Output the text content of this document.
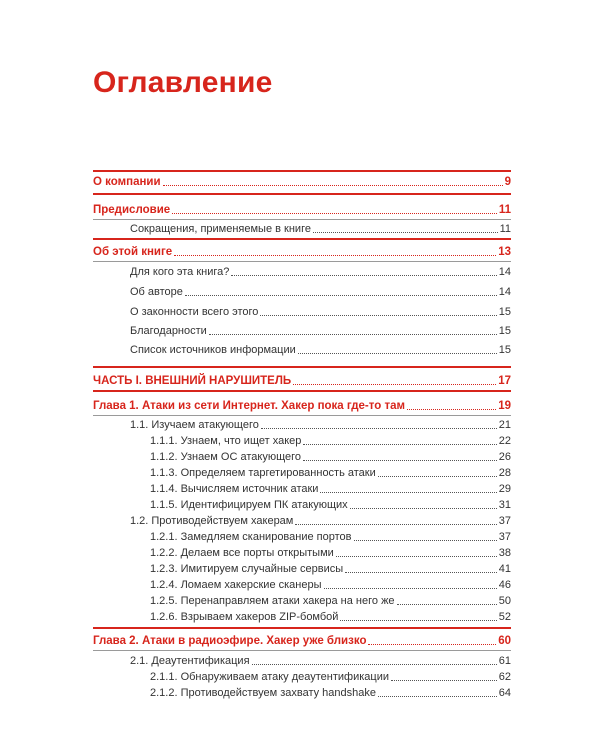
Оглавление
О компании	9
Предисловие	11
Сокращения, применяемые в книге	11
Об этой книге	13
Для кого эта книга?	14
Об авторе	14
О законности всего этого	15
Благодарности	15
Список источников информации	15
ЧАСТЬ I. ВНЕШНИЙ НАРУШИТЕЛЬ	17
Глава 1. Атаки из сети Интернет. Хакер пока где-то там	19
1.1. Изучаем атакующего	21
1.1.1. Узнаем, что ищет хакер	22
1.1.2. Узнаем ОС атакующего	26
1.1.3. Определяем таргетированность атаки	28
1.1.4. Вычисляем источник атаки	29
1.1.5. Идентифицируем ПК атакующих	31
1.2. Противодействуем хакерам	37
1.2.1. Замедляем сканирование портов	37
1.2.2. Делаем все порты открытыми	38
1.2.3. Имитируем случайные сервисы	41
1.2.4. Ломаем хакерские сканеры	46
1.2.5. Перенаправляем атаки хакера на него же	50
1.2.6. Взрываем хакеров ZIP-бомбой	52
Глава 2. Атаки в радиоэфире. Хакер уже близко	60
2.1. Деаутентификация	61
2.1.1. Обнаруживаем атаку деаутентификации	62
2.1.2. Противодействуем захвату handshake	64
